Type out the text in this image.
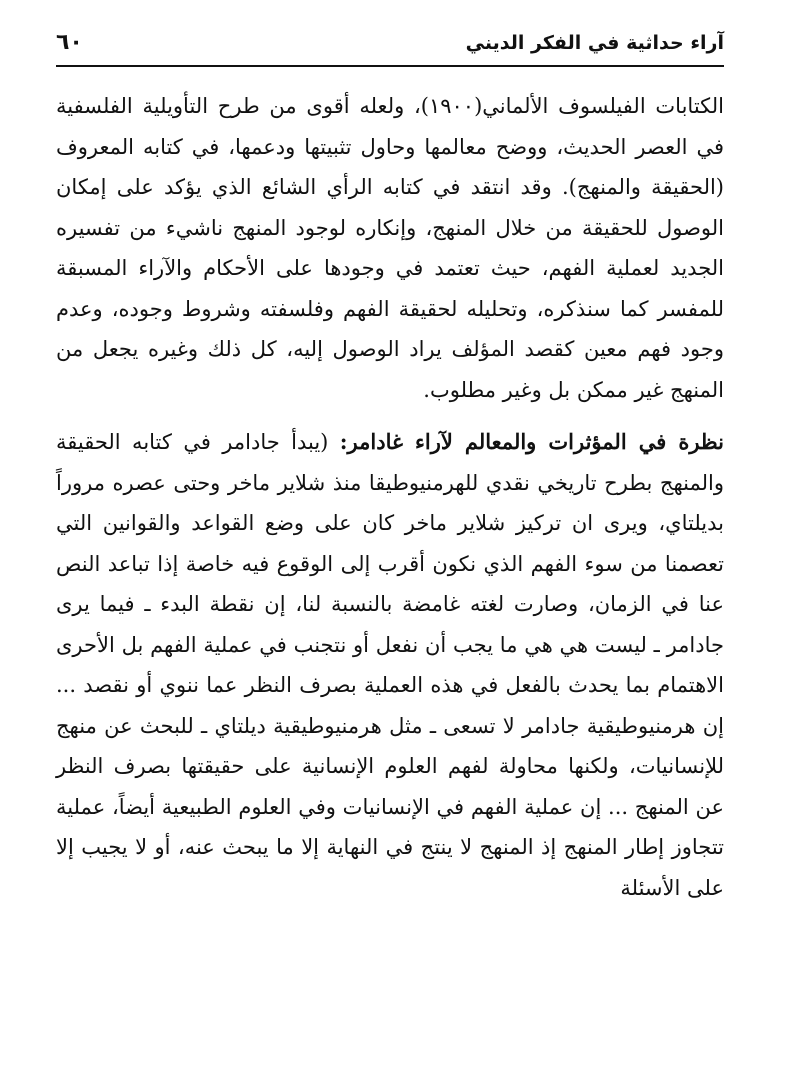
آراء حداثية في الفكر الديني
٦٠

الكتابات الفيلسوف الألماني(١٩٠٠)، ولعله أقوى من طرح التأويلية الفلسفية في العصر الحديث، ووضح معالمها وحاول تثبيتها ودعمها، في كتابه المعروف (الحقيقة والمنهج). وقد انتقد في كتابه الرأي الشائع الذي يؤكد على إمكان الوصول للحقيقة من خلال المنهج، وإنكاره لوجود المنهج ناشيء من تفسيره الجديد لعملية الفهم، حيث تعتمد في وجودها على الأحكام والآراء المسبقة للمفسر كما سنذكره، وتحليله لحقيقة الفهم وفلسفته وشروط وجوده، وعدم وجود فهم معين كقصد المؤلف يراد الوصول إليه، كل ذلك وغيره يجعل من المنهج غير ممكن بل وغير مطلوب.

نظرة في المؤثرات والمعالم لآراء غادامر: (يبدأ جادامر في كتابه الحقيقة والمنهج بطرح تاريخي نقدي للهرمنيوطيقا منذ شلاير ماخر وحتى عصره مروراً بديلتاي، ويرى ان تركيز شلاير ماخر كان على وضع القواعد والقوانين التي تعصمنا من سوء الفهم الذي نكون أقرب إلى الوقوع فيه خاصة إذا تباعد النص عنا في الزمان، وصارت لغته غامضة بالنسبة لنا، إن نقطة البدء ـ فيما يرى جادامر ـ ليست هي هي ما يجب أن نفعل أو نتجنب في عملية الفهم بل الأحرى الاهتمام بما يحدث بالفعل في هذه العملية بصرف النظر عما ننوي أو نقصد ... إن هرمنيوطيقية جادامر لا تسعى ـ مثل هرمنيوطيقية ديلتاي ـ للبحث عن منهج للإنسانيات، ولكنها محاولة لفهم العلوم الإنسانية على حقيقتها بصرف النظر عن المنهج ... إن عملية الفهم في الإنسانيات وفي العلوم الطبيعية أيضاً، عملية تتجاوز إطار المنهج إذ المنهج لا ينتج في النهاية إلا ما يبحث عنه، أو لا يجيب إلا على الأسئلة
